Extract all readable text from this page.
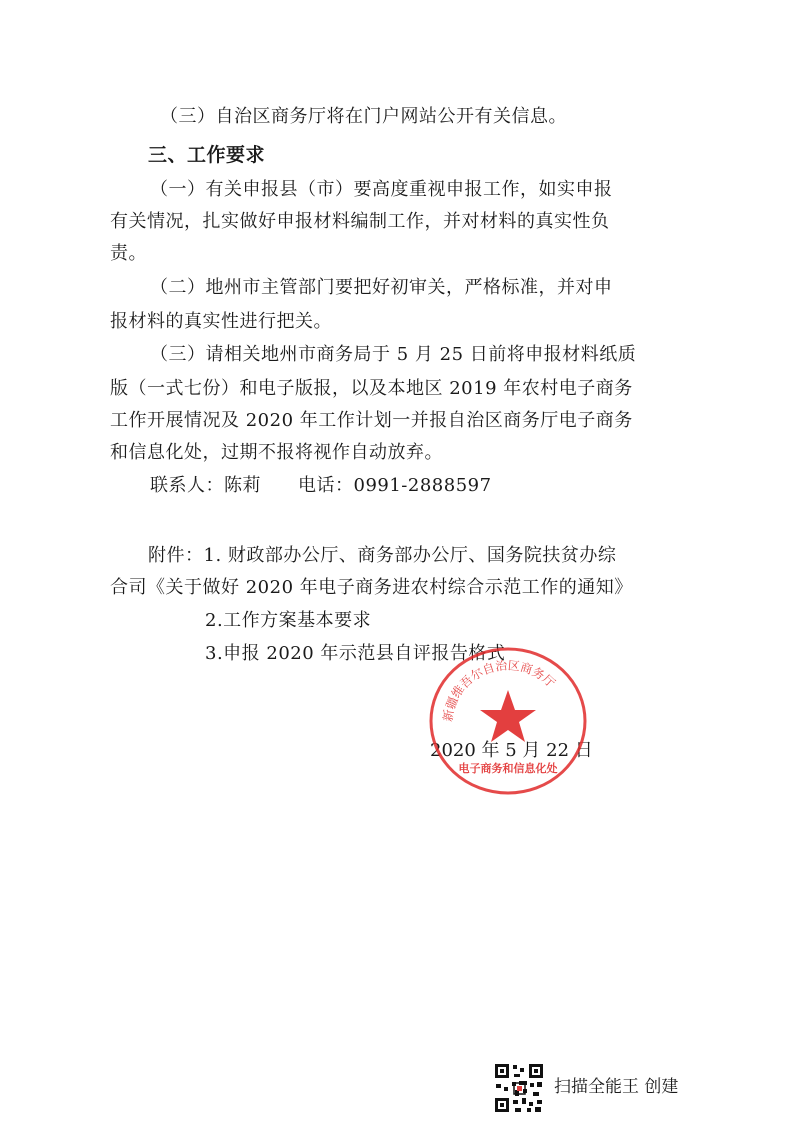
（三）自治区商务厅将在门户网站公开有关信息。
三、工作要求
（一）有关申报县（市）要高度重视申报工作，如实申报
有关情况，扎实做好申报材料编制工作，并对材料的真实性负
责。
（二）地州市主管部门要把好初审关，严格标准，并对申
报材料的真实性进行把关。
（三）请相关地州市商务局于 5 月 25 日前将申报材料纸质
版（一式七份）和电子版报，以及本地区 2019 年农村电子商务
工作开展情况及 2020 年工作计划一并报自治区商务厅电子商务
和信息化处，过期不报将视作自动放弃。
联系人：陈莉 电话：0991-2888597
附件：1. 财政部办公厅、商务部办公厅、国务院扶贫办综
合司《关于做好 2020 年电子商务进农村综合示范工作的通知》
2.工作方案基本要求
3.申报 2020 年示范县自评报告格式
2020 年 5 月 22 日
新疆维吾尔自治区商务厅
电子商务和信息化处
扫描全能王 创建
